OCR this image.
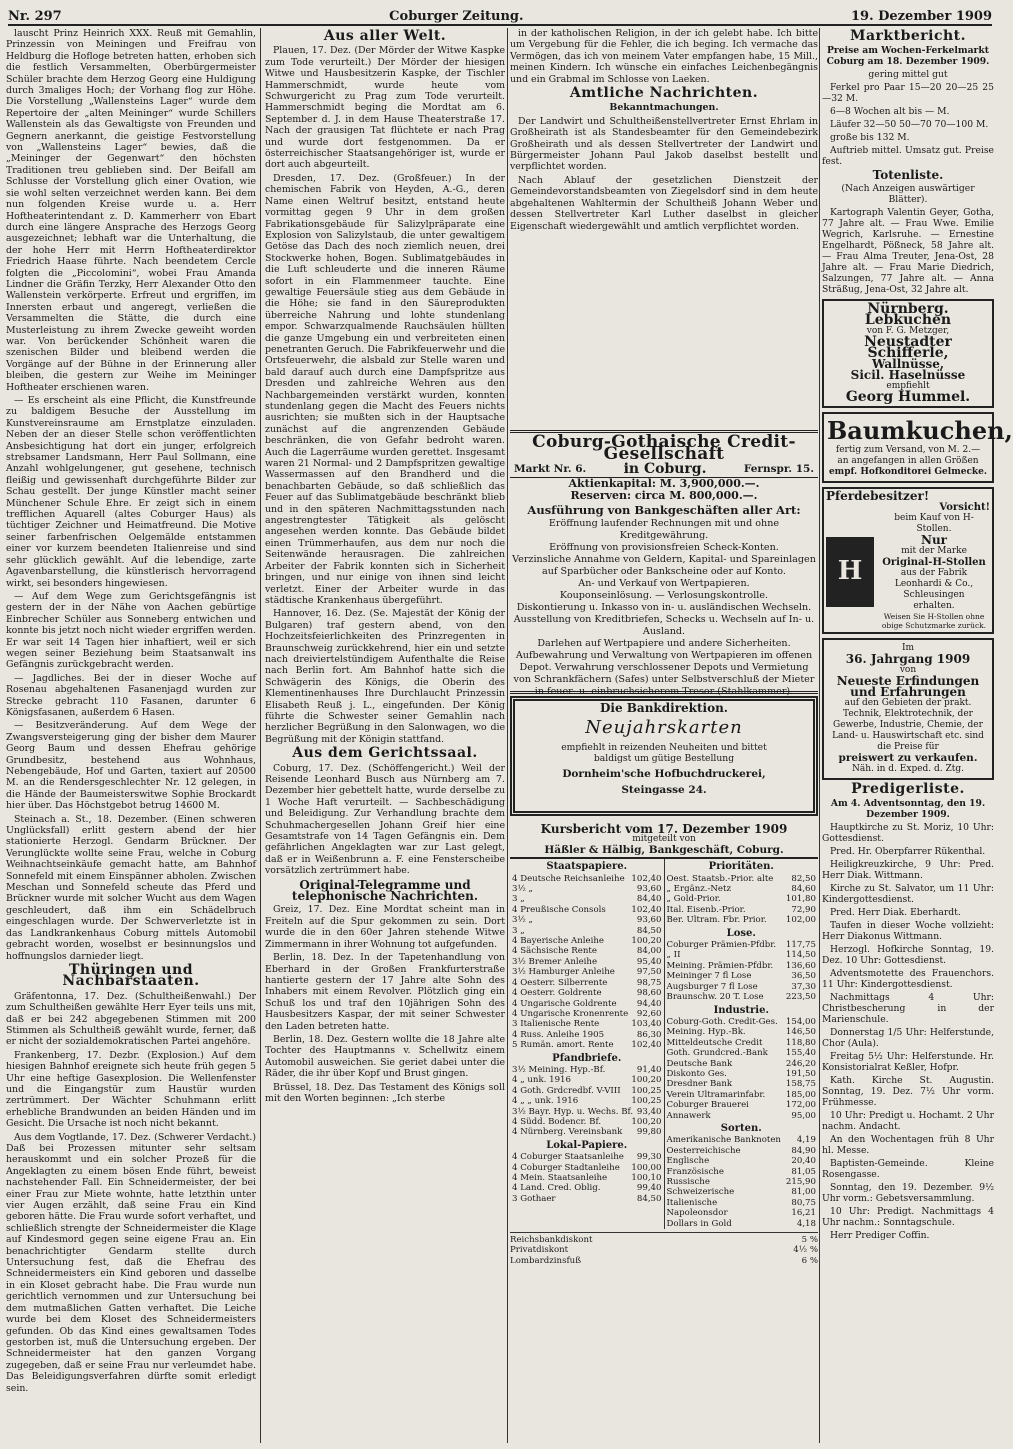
Nr. 297	Coburger Zeitung.	19. Dezember 1909

lauscht Prinz Heinrich XXX. Reuß mit Gemahlin, Prinzessin von Meiningen und Freifrau von Heldburg die Hofloge betreten hatten, erhoben sich die festlich Versammelten, Oberbürgermeister Schüler brachte dem Herzog Georg eine Huldigung durch 3maliges Hoch; der Vorhang flog zur Höhe. Die Vorstellung „Wallensteins Lager“ wurde dem Repertoire der „alten Meininger“ wurde Schillers Wallenstein als das Gewaltigste von Freunden und Gegnern anerkannt, die geistige Festvorstellung von „Wallensteins Lager“ bewies, daß die „Meininger der Gegenwart“ den höchsten Traditionen treu geblieben sind. Der Beifall am Schlusse der Vorstellung glich einer Ovation, wie sie wohl selten verzeichnet werden kann. Bei dem nun folgenden Kreise wurde u. a. Herr Hoftheaterintendant z. D. Kammerherr von Ebart durch eine längere Ansprache des Herzogs Georg ausgezeichnet; lebhaft war die Unterhaltung, die der hohe Herr mit Herrn Hoftheaterdirektor Friedrich Haase führte. Nach beendetem Cercle folgten die „Piccolomini“, wobei Frau Amanda Lindner die Gräfin Terzky, Herr Alexander Otto den Wallenstein verkörperte. Erfreut und ergriffen, im Innersten erbaut und angeregt, verließen die Versammelten die Stätte, die durch eine Musterleistung zu ihrem Zwecke geweiht worden war. Von berückender Schönheit waren die szenischen Bilder und bleibend werden die Vorgänge auf der Bühne in der Erinnerung aller bleiben, die gestern zur Weihe im Meininger Hoftheater erschienen waren.

— Es erscheint als eine Pflicht, die Kunstfreunde zu baldigem Besuche der Ausstellung im Kunstvereinsraume am Ernstplatze einzuladen. Neben der an dieser Stelle schon veröffentlichten Ansbesichtigung hat dort ein junger, erfolgreich strebsamer Landsmann, Herr Paul Sollmann, eine Anzahl wohlgelungener, gut gesehene, technisch fleißig und gewissenhaft durchgeführte Bilder zur Schau gestellt. Der junge Künstler macht seiner Münchener Schule Ehre. Er zeigt sich in einem trefflichen Aquarell (altes Coburger Haus) als tüchtiger Zeichner und Heimatfreund. Die Motive seiner farbenfrischen Oelgemälde entstammen einer vor kurzem beendeten Italienreise und sind sehr glücklich gewählt. Auf die lebendige, zarte Agavenbarstellung, die künstlerisch hervorragend wirkt, sei besonders hingewiesen.

— Auf dem Wege zum Gerichtsgefängnis ist gestern der in der Nähe von Aachen gebürtige Einbrecher Schüler aus Sonneberg entwichen und konnte bis jetzt noch nicht wieder ergriffen werden. Er war seit 14 Tagen hier inhaftiert, weil er sich wegen seiner Beziehung beim Staatsanwalt ins Gefängnis zurückgebracht werden.

— Jagdliches. Bei der in dieser Woche auf Rosenau abgehaltenen Fasanenjagd wurden zur Strecke gebracht 110 Fasanen, darunter 6 Königsfasanen, außerdem 6 Hasen.

— Besitzveränderung. Auf dem Wege der Zwangsversteigerung ging der bisher dem Maurer Georg Baum und dessen Ehefrau gehörige Grundbesitz, bestehend aus Wohnhaus, Nebengebäude, Hof und Garten, taxiert auf 20500 M. an die Rendersgeschlechter Nr. 12 gelegen, in die Hände der Baumeisterswitwe Sophie Brockardt hier über. Das Höchstgebot betrug 14600 M.

Steinach a. St., 18. Dezember. (Einen schweren Unglücksfall) erlitt gestern abend der hier stationierte Herzogl. Gendarm Brückner. Der Verunglückte wollte seine Frau, welche in Coburg Weihnachtseinkäufe gemacht hatte, am Bahnhof Sonnefeld mit einem Einspänner abholen. Zwischen Meschan und Sonnefeld scheute das Pferd und Brückner wurde mit solcher Wucht aus dem Wagen geschleudert, daß ihm ein Schädelbruch eingeschlagen wurde. Der Schwerverletzte ist in das Landkrankenhaus Coburg mittels Automobil gebracht worden, woselbst er besinnungslos und hoffnungslos darnieder liegt.

Thüringen und Nachbarstaaten.

Gräfentonna, 17. Dez. (Schultheißenwahl.) Der zum Schultheißen gewählte Herr Eyer teils uns mit, daß er bei 242 abgegebenen Stimmen mit 200 Stimmen als Schultheiß gewählt wurde, ferner, daß er nicht der sozialdemokratischen Partei angehöre.

Frankenberg, 17. Dezbr. (Explosion.) Auf dem hiesigen Bahnhof ereignete sich heute früh gegen 5 Uhr eine heftige Gasexplosion. Die Wellenfenster und die Eingangstür zum Haustür wurden zertrümmert. Der Wächter Schuhmann erlitt erhebliche Brandwunden an beiden Händen und im Gesicht. Die Ursache ist noch nicht bekannt.

Aus dem Vogtlande, 17. Dez. (Schwerer Verdacht.) Daß bei Prozessen mitunter sehr seltsam herauskommt und ein solcher Prozeß für die Angeklagten zu einem bösen Ende führt, beweist nachstehender Fall. Ein Schneidermeister, der bei einer Frau zur Miete wohnte, hatte letzthin unter vier Augen erzählt, daß seine Frau ein Kind geboren hätte. Die Frau wurde sofort verhaftet, und schließlich strengte der Schneidermeister die Klage auf Kindesmord gegen seine eigene Frau an. Ein benachrichtigter Gendarm stellte durch Untersuchung fest, daß die Ehefrau des Schneidermeisters ein Kind geboren und dasselbe in ein Kloset gebracht habe. Die Frau wurde nun gerichtlich vernommen und zur Untersuchung bei dem mutmaßlichen Gatten verhaftet. Die Leiche wurde bei dem Kloset des Schneidermeisters gefunden. Ob das Kind eines gewaltsamen Todes gestorben ist, muß die Untersuchung ergeben. Der Schneidermeister hat den ganzen Vorgang zugegeben, daß er seine Frau nur verleumdet habe. Das Beleidigungsverfahren dürfte somit erledigt sein.

Aus aller Welt.

Plauen, 17. Dez. (Der Mörder der Witwe Kaspke zum Tode verurteilt.) Der Mörder der hiesigen Witwe und Hausbesitzerin Kaspke, der Tischler Hammerschmidt, wurde heute vom Schwurgericht zu Prag zum Tode verurteilt. Hammerschmidt beging die Mordtat am 6. September d. J. in dem Hause Theaterstraße 17. Nach der grausigen Tat flüchtete er nach Prag und wurde dort festgenommen. Da er österreichischer Staatsangehöriger ist, wurde er dort auch abgeurteilt.

Dresden, 17. Dez. (Großfeuer.) In der chemischen Fabrik von Heyden, A.-G., deren Name einen Weltruf besitzt, entstand heute vormittag gegen 9 Uhr in dem großen Fabrikationsgebäude für Salizylpräparate eine Explosion von Salizylstaub, die unter gewaltigem Getöse das Dach des noch ziemlich neuen, drei Stockwerke hohen, Bogen. Sublimatgebäudes in die Luft schleuderte und die inneren Räume sofort in ein Flammenmeer tauchte. Eine gewaltige Feuersäule stieg aus dem Gebäude in die Höhe; sie fand in den Säureprodukten überreiche Nahrung und lohte stundenlang empor. Schwarzqualmende Rauchsäulen hüllten die ganze Umgebung ein und verbreiteten einen penetranten Geruch. Die Fabrikfeuerwehr und die Ortsfeuerwehr, die alsbald zur Stelle waren und bald darauf auch durch eine Dampfspritze aus Dresden und zahlreiche Wehren aus den Nachbargemeinden verstärkt wurden, konnten stundenlang gegen die Macht des Feuers nichts ausrichten; sie mußten sich in der Hauptsache zunächst auf die angrenzenden Gebäude beschränken, die von Gefahr bedroht waren. Auch die Lagerräume wurden gerettet. Insgesamt waren 21 Normal- und 2 Dampfspritzen gewaltige Wassermassen auf den Brandherd und die benachbarten Gebäude, so daß schließlich das Feuer auf das Sublimatgebäude beschränkt blieb und in den späteren Nachmittagsstunden nach angestrengtester Tätigkeit als gelöscht angesehen werden konnte. Das Gebäude bildet einen Trümmerhaufen, aus dem nur noch die Seitenwände herausragen. Die zahlreichen Arbeiter der Fabrik konnten sich in Sicherheit bringen, und nur einige von ihnen sind leicht verletzt. Einer der Arbeiter wurde in das städtische Krankenhaus übergeführt.

Hannover, 16. Dez. (Se. Majestät der König der Bulgaren) traf gestern abend, von den Hochzeitsfeierlichkeiten des Prinzregenten in Braunschweig zurückkehrend, hier ein und setzte nach dreiviertelstündigem Aufenthalte die Reise nach Berlin fort. Am Bahnhof hatte sich die Schwägerin des Königs, die Oberin des Klementinenhauses Ihre Durchlaucht Prinzessin Elisabeth Reuß j. L., eingefunden. Der König führte die Schwester seiner Gemahlin nach herzlicher Begrüßung in den Salonwagen, wo die Begrüßung mit der Königin stattfand.

Aus dem Gerichtssaal.

Coburg, 17. Dez. (Schöffengericht.) Weil der Reisende Leonhard Busch aus Nürnberg am 7. Dezember hier gebettelt hatte, wurde derselbe zu 1 Woche Haft verurteilt. — Sachbeschädigung und Beleidigung. Zur Verhandlung brachte dem Schuhmachergesellen Johann Greif hier eine Gesamtstrafe von 14 Tagen Gefängnis ein. Dem gefährlichen Angeklagten war zur Last gelegt, daß er in Weißenbrunn a. F. eine Fensterscheibe vorsätzlich zertrümmert habe.

Original-Telegramme und telephonische Nachrichten.

Greiz, 17. Dez. Eine Mordtat scheint man in Freiteln auf die Spur gekommen zu sein. Dort wurde die in den 60er Jahren stehende Witwe Zimmermann in ihrer Wohnung tot aufgefunden.

Berlin, 18. Dez. In der Tapetenhandlung von Eberhard in der Großen Frankfurterstraße hantierte gestern der 17 Jahre alte Sohn des Inhabers mit einem Revolver. Plötzlich ging ein Schuß los und traf den 10jährigen Sohn des Hausbesitzers Kaspar, der mit seiner Schwester den Laden betreten hatte.

Berlin, 18. Dez. Gestern wollte die 18 Jahre alte Tochter des Hauptmanns v. Schellwitz einem Automobil ausweichen. Sie geriet dabei unter die Räder, die ihr über Kopf und Brust gingen.

Brüssel, 18. Dez. Das Testament des Königs soll mit den Worten beginnen: „Ich sterbe

in der katholischen Religion, in der ich gelebt habe. Ich bitte um Vergebung für die Fehler, die ich beging. Ich vermache das Vermögen, das ich von meinem Vater empfangen habe, 15 Mill., meinen Kindern. Ich wünsche ein einfaches Leichenbegängnis und ein Grabmal im Schlosse von Laeken.

Amtliche Nachrichten.
Bekanntmachungen.

Der Landwirt und Schultheißenstellvertreter Ernst Ehrlam in Großheirath ist als Standesbeamter für den Gemeindebezirk Großheirath und als dessen Stellvertreter der Landwirt und Bürgermeister Johann Paul Jakob daselbst bestellt und verpflichtet worden.

Nach Ablauf der gesetzlichen Dienstzeit der Gemeindevorstandsbeamten von Ziegelsdorf sind in dem heute abgehaltenen Wahltermin der Schultheiß Johann Weber und dessen Stellvertreter Karl Luther daselbst in gleicher Eigenschaft wiedergewählt und amtlich verpflichtet worden.

Coburg-Gothaische Credit-Gesellschaft
Markt Nr. 6.	in Coburg.	Fernspr. 15.
Aktienkapital: M. 3,900,000.—.
Reserven: circa M. 800,000.—.
Ausführung von Bankgeschäften aller Art:

Eröffnung laufender Rechnungen mit und ohne Kreditgewährung.

Eröffnung von provisionsfreien Scheck-Konten.

Verzinsliche Annahme von Geldern, Kapital- und Spareinlagen auf Sparbücher oder Bankscheine oder auf Konto.

An- und Verkauf von Wertpapieren.

Kouponseinlösung. — Verlosungskontrolle.

Diskontierung u. Inkasso von in- u. ausländischen Wechseln.

Ausstellung von Kreditbriefen, Schecks u. Wechseln auf In- u. Ausland.

Darlehen auf Wertpapiere und andere Sicherheiten.

Aufbewahrung und Verwaltung von Wertpapieren im offenen Depot. Verwahrung verschlossener Depots und Vermietung von Schrankfächern (Safes) unter Selbstverschluß der Mieter in feuer- u. einbruchsicherem Tresor (Stahlkammer).

Die Bankdirektion.
Neujahrskarten
empfiehlt in reizenden Neuheiten und bittet
baldigst um gütige Bestellung
Dornheim'sche Hofbuchdruckerei,
Steingasse 24.
Kursbericht vom 17. Dezember 1909
mitgeteilt von
Häßler & Hälbig, Bankgeschäft, Coburg.
Staatspapiere.
4 Deutsche Reichsanleihe 102,40
3½ „	93,60
3 „	84,40
4 Preußische Consols	102,40
3½ „	93,60
3 „	84,50
4 Bayerische Anleihe	100,20
4 Sächsische Rente	84,00
3½ Bremer Anleihe	95,40
3½ Hamburger Anleihe	97,50
4 Oesterr. Silberrente	98,75
4 Oesterr. Goldrente	98,60
4 Ungarische Goldrente 94,40
4 Ungarische Kronenrente 92,60
3 Italienische Rente	103,40
4 Russ. Anleihe 1905	86,30
5 Rumän. amort. Rente 102,40
Pfandbriefe.
3½ Meining. Hyp.-Bf.	91,40
4 „ unk. 1916	100,20
4 Goth. Grdcredbf. V-VIII 100,25
4 „ „ unk. 1916	100,25
3½ Bayr. Hyp. u. Wechs. Bf. 93,40
4 Südd. Bodencr. Bf.	100,20
4 Nürnberg. Vereinsbank 99,80
Lokal-Papiere.
4 Coburger Staatsanleihe 99,30
4 Coburger Stadtanleihe 100,00
4 Mein. Staatsanleihe	100,10
4 Land. Cred. Oblig.	99,40
3 Gothaer	84,50
Prioritäten.
Oest. Staatsb.-Prior. alte 82,50
„ Ergänz.-Netz	84,60
„ Gold-Prior.	101,80
Ital. Eisenb.-Prior.	72,90
Ber. Ultram. Fbr. Prior. 102,00
Lose.
Coburger Prämien-Pfdbr. 117,75
„ II	114,50
Meining. Prämien-Pfdbr. 136,60
Meininger 7 fl Lose	36,50
Augsburger 7 fl Lose	37,30
Braunschw. 20 T. Lose	223,50
Industrie.
Coburg-Goth. Credit-Ges. 154,00
Meining. Hyp.-Bk.	146,50
Mitteldeutsche Credit	118,80
Goth. Grundcred.-Bank 155,40
Deutsche Bank	246,20
Diskonto Ges.	191,50
Dresdner Bank	158,75
Verein Ultramarinfabr. 185,00
Coburger Brauerei	172,00
Annawerk	95,00
Sorten.
Amerikanische Banknoten 4,19
Oesterreichische	84,90
Englische	20,40
Französische	81,05
Russische	215,90
Schweizerische	81,00
Italienische	80,75
Napoleonsdor	16,21
Dollars in Gold	4,18
Reichsbankdiskont	5 %
Privatdiskont	4½ %
Lombardzinsfuß	6 %
Marktbericht.

Preise am Wochen-Ferkelmarkt Coburg am 18. Dezember 1909.

gering mittel gut

Ferkel pro Paar 15—20 20—25 25—32 M.

6—8 Wochen alt bis — M.

Läufer 32—50 50—70 70—100 M.

große bis 132 M.

Auftrieb mittel. Umsatz gut. Preise fest.

Totenliste.

(Nach Anzeigen auswärtiger Blätter).

Kartograph Valentin Geyer, Gotha, 77 Jahre alt. — Frau Wwe. Emilie Wegrich, Karlsruhe. — Ernestine Engelhardt, Pößneck, 58 Jahre alt. — Frau Alma Treuter, Jena-Ost, 28 Jahre alt. — Frau Marie Diedrich, Salzungen, 77 Jahre alt. — Anna Sträßug, Jena-Ost, 32 Jahre alt.

Nürnberg. Lebkuchen
von F. G. Metzger,
Neustadter Schifferle,
Wallnüsse,
Sicil. Haselnüsse
empfiehlt
Georg Hummel.
Baumkuchen,
fertig zum Versand, von M. 2.—
an angefangen in allen Größen
empf. Hofkonditorei Gelmecke.
Pferdebesitzer!
Vorsicht!
H
beim Kauf von H-Stollen.
Nur
mit der Marke
Original-H-Stollen
aus der Fabrik
Leonhardi & Co., Schleusingen
erhalten.
Weisen Sie H-Stollen ohne obige Schutzmarke zurück.
Im
36. Jahrgang 1909
von
Neueste Erfindungen
und Erfahrungen
auf den Gebieten der prakt. Technik, Elektrotechnik, der Gewerbe, Industrie, Chemie, der Land- u. Hauswirtschaft etc. sind die Preise für
preiswert zu verkaufen.
Näh. in d. Exped. d. Ztg.
Predigerliste.

Am 4. Adventsonntag, den 19. Dezember 1909.

Hauptkirche zu St. Moriz, 10 Uhr: Gottesdienst.

Pred. Hr. Oberpfarrer Rükenthal.

Heiligkreuzkirche, 9 Uhr: Pred. Herr Diak. Wittmann.

Kirche zu St. Salvator, um 11 Uhr: Kindergottesdienst.

Pred. Herr Diak. Eberhardt.

Taufen in dieser Woche vollzieht: Herr Diakonus Wittmann.

Herzogl. Hofkirche Sonntag, 19. Dez. 10 Uhr: Gottesdienst.

Adventsmotette des Frauenchors. 11 Uhr: Kindergottesdienst.

Nachmittags 4 Uhr: Christbescherung in der Marienschule.

Donnerstag 1/5 Uhr: Helferstunde, Chor (Aula).

Freitag 5½ Uhr: Helferstunde. Hr. Konsistorialrat Keßler, Hofpr.

Kath. Kirche St. Augustin. Sonntag, 19. Dez. 7½ Uhr vorm. Frühmesse.

10 Uhr: Predigt u. Hochamt. 2 Uhr nachm. Andacht.

An den Wochentagen früh 8 Uhr hl. Messe.

Baptisten-Gemeinde. Kleine Rosengasse.

Sonntag, den 19. Dezember. 9½ Uhr vorm.: Gebetsversammlung.

10 Uhr: Predigt. Nachmittags 4 Uhr nachm.: Sonntagschule.

Herr Prediger Coffin.
